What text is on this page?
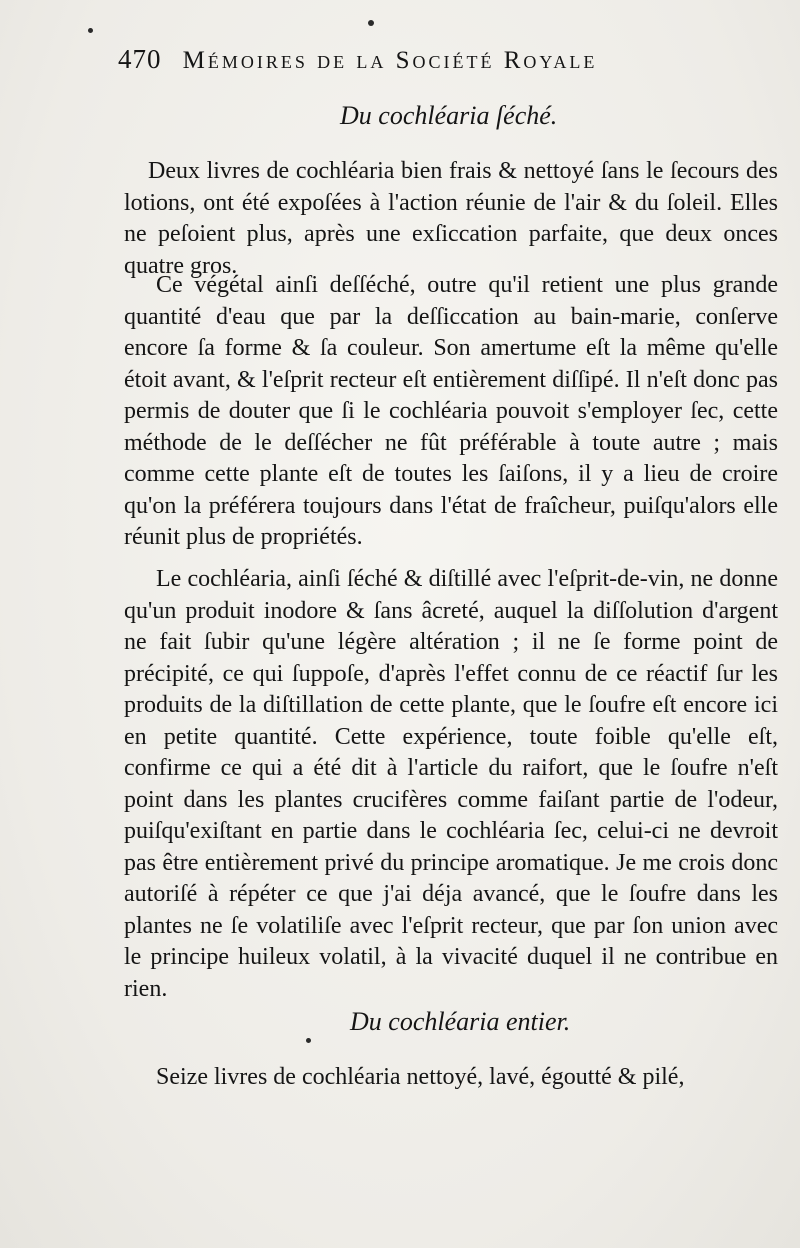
470 Mémoires de la Société Royale
Du cochléaria ſéché.
Deux livres de cochléaria bien frais & nettoyé ſans le ſecours des lotions, ont été expoſées à l'action réunie de l'air & du ſoleil. Elles ne peſoient plus, après une exſiccation parfaite, que deux onces quatre gros.
Ce végétal ainſi deſſéché, outre qu'il retient une plus grande quantité d'eau que par la deſſiccation au bain-marie, conſerve encore ſa forme & ſa couleur. Son amertume eſt la même qu'elle étoit avant, & l'eſprit recteur eſt entièrement diſſipé. Il n'eſt donc pas permis de douter que ſi le cochléaria pouvoit s'employer ſec, cette méthode de le deſſécher ne fût préférable à toute autre ; mais comme cette plante eſt de toutes les ſaiſons, il y a lieu de croire qu'on la préférera toujours dans l'état de fraîcheur, puiſqu'alors elle réunit plus de propriétés.
Le cochléaria, ainſi ſéché & diſtillé avec l'eſprit-de-vin, ne donne qu'un produit inodore & ſans âcreté, auquel la diſſolution d'argent ne fait ſubir qu'une légère altération ; il ne ſe forme point de précipité, ce qui ſuppoſe, d'après l'effet connu de ce réactif ſur les produits de la diſtillation de cette plante, que le ſoufre eſt encore ici en petite quantité. Cette expérience, toute foible qu'elle eſt, confirme ce qui a été dit à l'article du raifort, que le ſoufre n'eſt point dans les plantes crucifères comme faiſant partie de l'odeur, puiſqu'exiſtant en partie dans le cochléaria ſec, celui-ci ne devroit pas être entièrement privé du principe aromatique. Je me crois donc autoriſé à répéter ce que j'ai déja avancé, que le ſoufre dans les plantes ne ſe volatiliſe avec l'eſprit recteur, que par ſon union avec le principe huileux volatil, à la vivacité duquel il ne contribue en rien.
Du cochléaria entier.
Seize livres de cochléaria nettoyé, lavé, égoutté & pilé,
